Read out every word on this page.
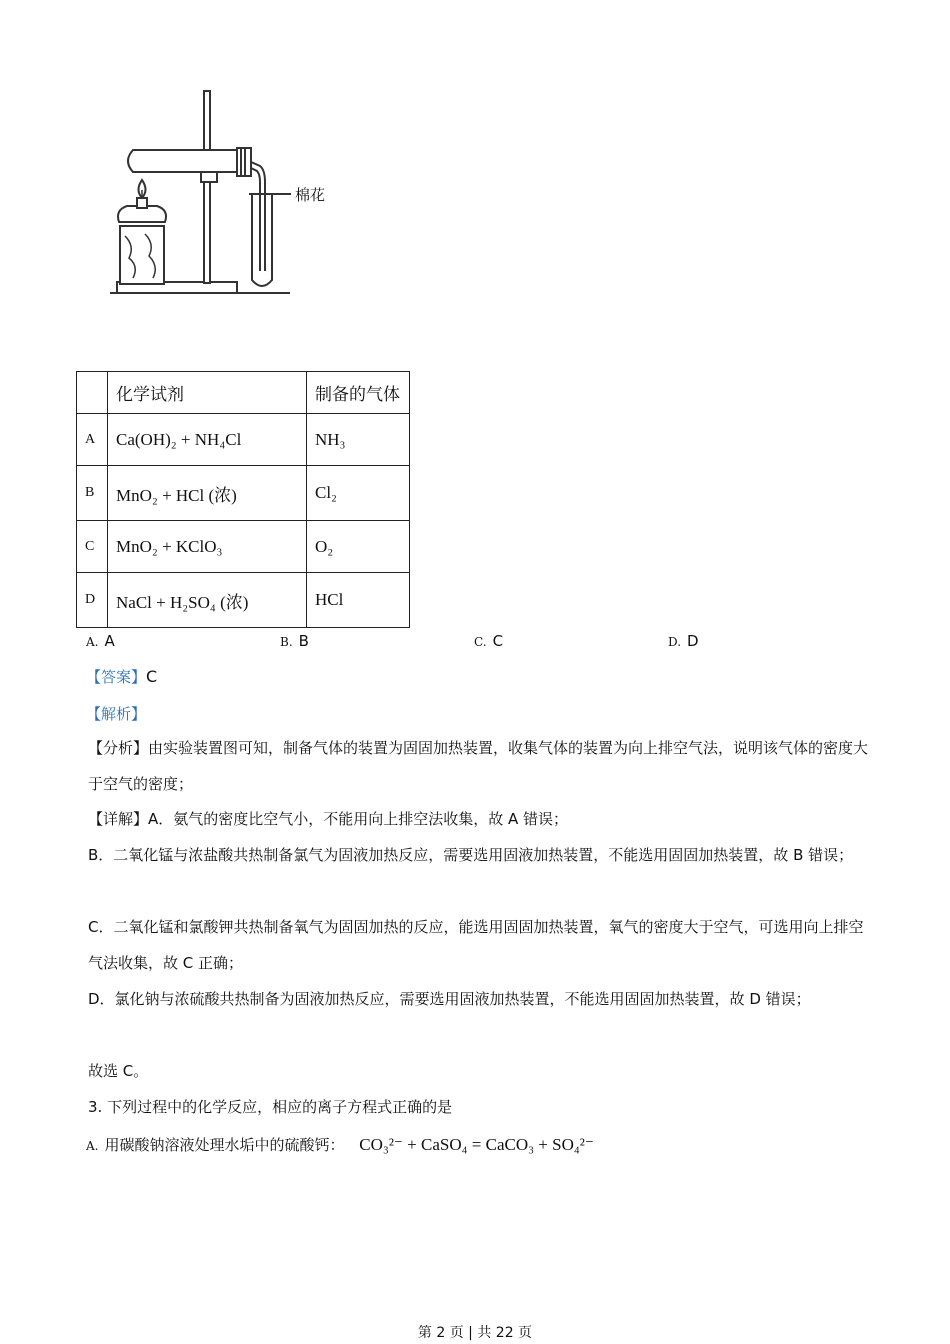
棉花
	化学试剂	制备的气体
A	Ca(OH)₂ + NH₄Cl	NH₃
B	MnO₂ + HCl (浓)	Cl₂
C	MnO₂ + KClO₃	O₂
D	NaCl + H₂SO₄ (浓)	HCl
A. A	B. B	C. C	D. D
【答案】C
【解析】
【分析】由实验装置图可知，制备气体的装置为固固加热装置，收集气体的装置为向上排空气法，说明该气体的密度大于空气的密度；
【详解】A．氨气的密度比空气小，不能用向上排空法收集，故 A 错误；
B．二氧化锰与浓盐酸共热制备氯气为固液加热反应，需要选用固液加热装置，不能选用固固加热装置，故 B 错误；
C．二氧化锰和氯酸钾共热制备氧气为固固加热的反应，能选用固固加热装置，氧气的密度大于空气，可选用向上排空气法收集，故 C 正确；
D．氯化钠与浓硫酸共热制备为固液加热反应，需要选用固液加热装置，不能选用固固加热装置，故 D 错误；
故选 C。
3. 下列过程中的化学反应，相应的离子方程式正确的是
A. 用碳酸钠溶液处理水垢中的硫酸钙： CO₃²⁻ + CaSO₄ = CaCO₃ + SO₄²⁻
第 2 页 | 共 22 页
